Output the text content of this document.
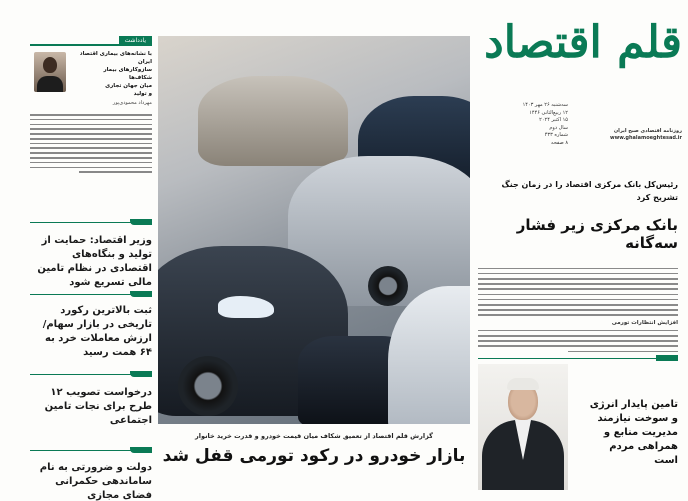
یادداشت
با نشانه‌های بیماری اقتصاد ایران
سازوکارهای بیمار
شکاف‌ها
میان جهان تجاری
و تولید
مهرداد محمودی‌پور
وزیر اقتصاد: حمایت از تولید و بنگاه‌های اقتصادی در نظام تامین مالی تسریع شود
ثبت بالاترین رکورد تاریخی در بازار سهام/ ارزش معاملات خرد به ۶۴ همت رسید
درخواست تصویب ۱۲ طرح برای نجات تامین اجتماعی
دولت و ضرورتی به نام ساماندهی حکمرانی فضای مجازی
گزارش قلم اقتصاد از تعمیق شکاف میان قیمت خودرو و قدرت خرید خانوار
بازار خودرو در رکود تورمی قفل شد
قلم اقتصاد
سه‌شنبه ۲۶ مهر ۱۴۰۳
۱۲ ربیع‌الثانی ۱۴۴۶
۱۵ اکتبر ۲۰۲۴
سال دوم
شماره ۴۳۳
۸ صفحه
روزنامه اقتصادی صبح ایران
www.ghalamoeghtesad.ir
رئیس‌کل بانک مرکزی اقتصاد را در زمان جنگ تشریح کرد
بانک مرکزی زیر فشار سه‌گانه
افزایش انتظارات تورمی
تامین پایدار انرژی و سوخت نیازمند مدیریت منابع و همراهی مردم است
